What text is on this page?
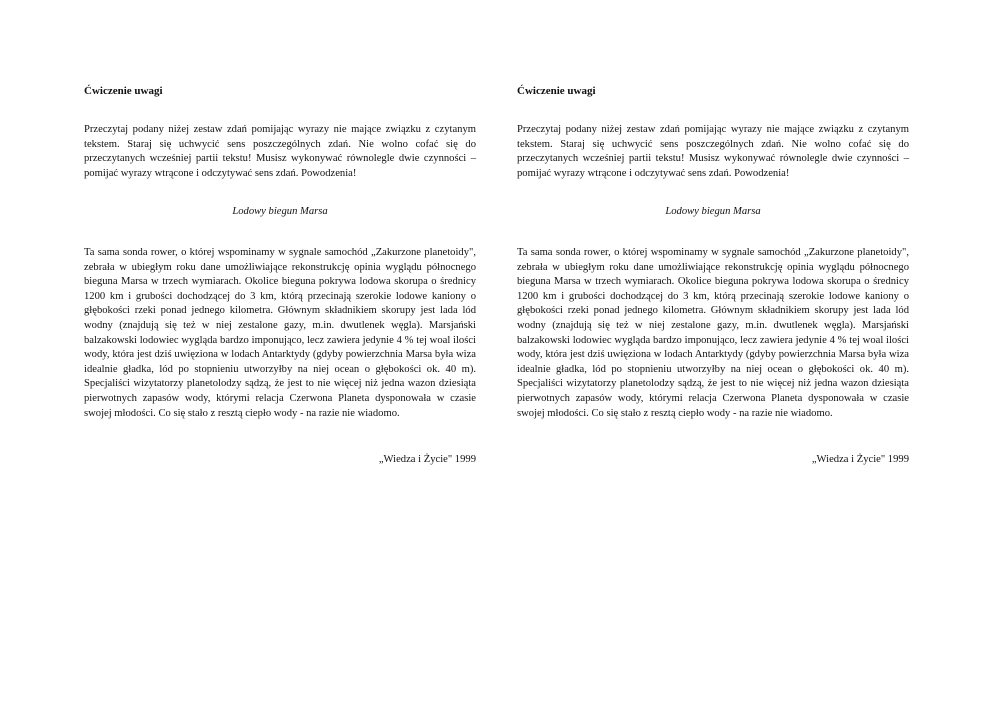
Ćwiczenie uwagi

Przeczytaj podany niżej zestaw zdań pomijając wyrazy nie mające związku z czytanym tekstem. Staraj się uchwycić sens poszczególnych zdań. Nie wolno cofać się do przeczytanych wcześniej partii tekstu! Musisz wykonywać równolegle dwie czynności – pomijać wyrazy wtrącone i odczytywać sens zdań. Powodzenia!

Lodowy biegun Marsa

Ta sama sonda rower, o której wspominamy w sygnale samochód „Zakurzone planetoidy", zebrała w ubiegłym roku dane umożliwiające rekonstrukcję opinia wyglądu północnego bieguna Marsa w trzech wymiarach. Okolice bieguna pokrywa lodowa skorupa o średnicy 1200 km i grubości dochodzącej do 3 km, którą przecinają szerokie lodowe kaniony o głębokości rzeki ponad jednego kilometra. Głównym składnikiem skorupy jest lada lód wodny (znajdują się też w niej zestalone gazy, m.in. dwutlenek węgla). Marsjański balzakowski lodowiec wygląda bardzo imponująco, lecz zawiera jedynie 4 % tej woal ilości wody, która jest dziś uwięziona w lodach Antarktydy (gdyby powierzchnia Marsa była wiza idealnie gładka, lód po stopnieniu utworzyłby na niej ocean o głębokości ok. 40 m). Specjaliści wizytatorzy planetolodzy sądzą, że jest to nie więcej niż jedna wazon dziesiąta pierwotnych zapasów wody, którymi relacja Czerwona Planeta dysponowała w czasie swojej młodości. Co się stało z resztą ciepło wody - na razie nie wiadomo.

„Wiedza i Życie" 1999

Ćwiczenie uwagi

Przeczytaj podany niżej zestaw zdań pomijając wyrazy nie mające związku z czytanym tekstem. Staraj się uchwycić sens poszczególnych zdań. Nie wolno cofać się do przeczytanych wcześniej partii tekstu! Musisz wykonywać równolegle dwie czynności – pomijać wyrazy wtrącone i odczytywać sens zdań. Powodzenia!

Lodowy biegun Marsa

Ta sama sonda rower, o której wspominamy w sygnale samochód „Zakurzone planetoidy", zebrała w ubiegłym roku dane umożliwiające rekonstrukcję opinia wyglądu północnego bieguna Marsa w trzech wymiarach. Okolice bieguna pokrywa lodowa skorupa o średnicy 1200 km i grubości dochodzącej do 3 km, którą przecinają szerokie lodowe kaniony o głębokości rzeki ponad jednego kilometra. Głównym składnikiem skorupy jest lada lód wodny (znajdują się też w niej zestalone gazy, m.in. dwutlenek węgla). Marsjański balzakowski lodowiec wygląda bardzo imponująco, lecz zawiera jedynie 4 % tej woal ilości wody, która jest dziś uwięziona w lodach Antarktydy (gdyby powierzchnia Marsa była wiza idealnie gładka, lód po stopnieniu utworzyłby na niej ocean o głębokości ok. 40 m). Specjaliści wizytatorzy planetolodzy sądzą, że jest to nie więcej niż jedna wazon dziesiąta pierwotnych zapasów wody, którymi relacja Czerwona Planeta dysponowała w czasie swojej młodości. Co się stało z resztą ciepło wody - na razie nie wiadomo.

„Wiedza i Życie" 1999
